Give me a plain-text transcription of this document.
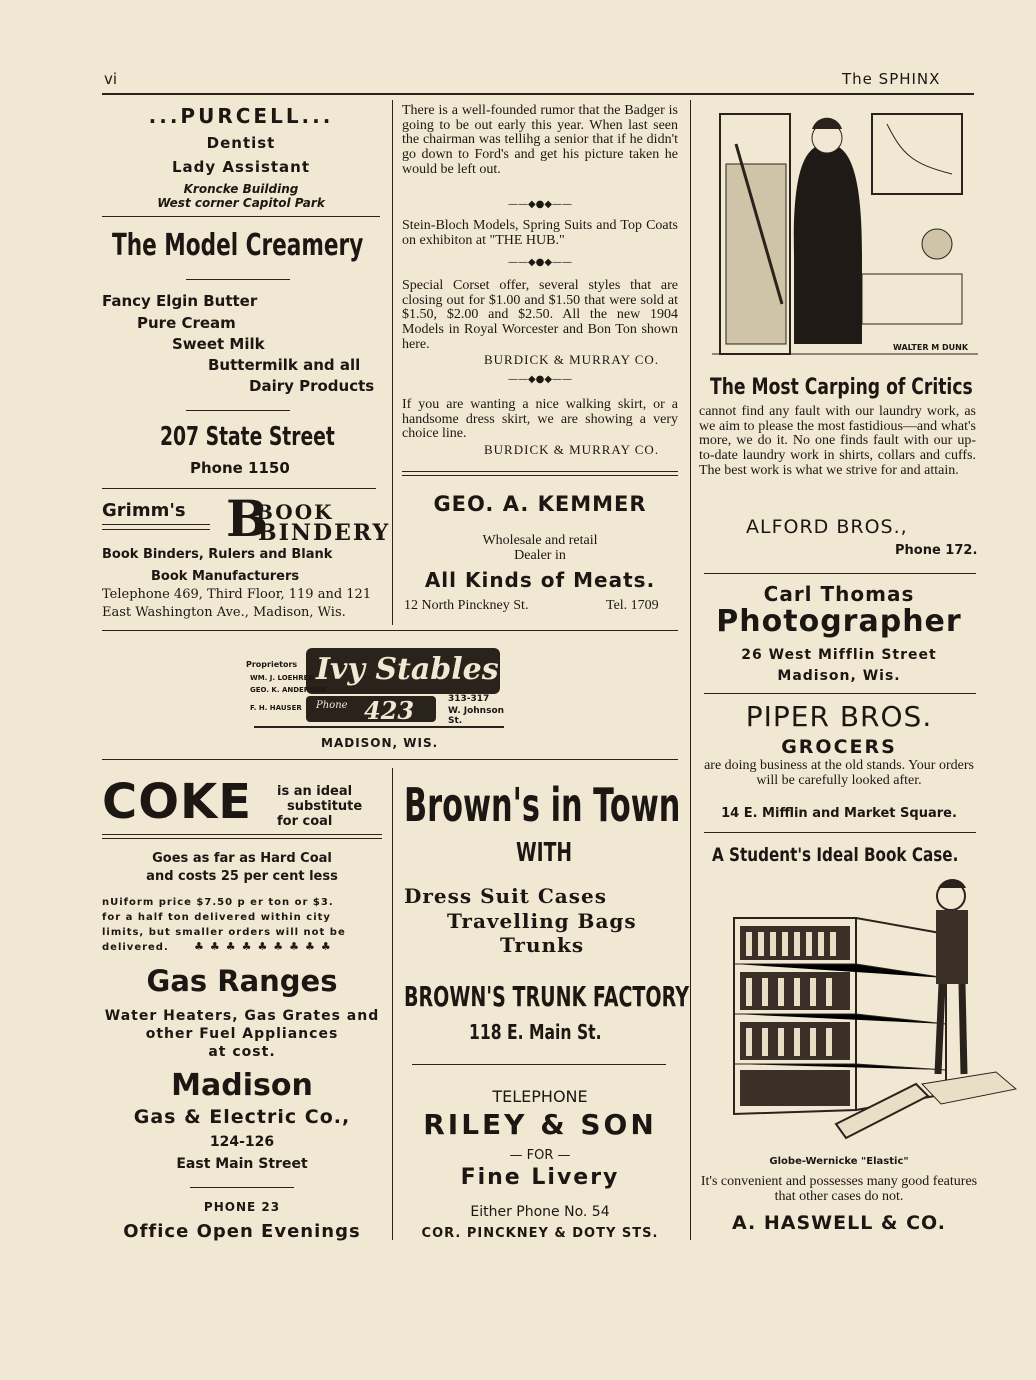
vi	The SPHINX
...PURCELL...
Dentist
Lady Assistant
Kroncke Building
West corner Capitol Park
The Model Creamery
Fancy Elgin Butter
Pure Cream
Sweet Milk
Buttermilk and all
Dairy Products
207 State Street
Phone 1150
Grimm's B
BOOK
BINDERY
Book Binders, Rulers and Blank
Book Manufacturers
Telephone 469, Third Floor, 119 and 121
East Washington Ave., Madison, Wis.
There is a well-founded rumor that the Badger is going to be out early this year. When last seen the chairman was tellihg a senior that if he didn't go down to Ford's and get his picture taken he would be left out.
——◆●◆——
Stein-Bloch Models, Spring Suits and Top Coats on exhibiton at "THE HUB."
——◆●◆——
Special Corset offer, several styles that are closing out for $1.00 and $1.50 that were sold at $1.50, $2.00 and $2.50. All the new 1904 Models in Royal Worcester and Bon Ton shown here.
BURDICK & MURRAY CO.
——◆●◆——
If you are wanting a nice walking skirt, or a handsome dress skirt, we are showing a very choice line.
BURDICK & MURRAY CO.
GEO. A. KEMMER
Wholesale and retail
Dealer in
All Kinds of Meats.
12 North Pinckney St.	Tel. 1709
WALTER M DUNK
The Most Carping of Critics
cannot find any fault with our laundry work, as we aim to please the most fastidious—and what's more, we do it. No one finds fault with our up-to-date laundry work in shirts, collars and cuffs. The best work is what we strive for and attain.
ALFORD BROS.,
Phone 172.
Carl Thomas
Photographer
26 West Mifflin Street
Madison, Wis.
PIPER BROS.
GROCERS
are doing business at the old stands. Your orders will be carefully looked after.
14 E. Mifflin and Market Square.
A Student's Ideal Book Case.
Globe-Wernicke "Elastic"
It's convenient and possesses many good features that other cases do not.
A. HASWELL & CO.
Ivy Stables
Proprietors
WM. J. LOEHRER
GEO. K. ANDERSON
F. H. HAUSER Phone 423	313-317
W. Johnson St.
MADISON, WIS.
COKE is an ideal
substitute
for coal
Goes as far as Hard Coal
and costs 25 per cent less
nUiform price $7.50 p er ton or $3.
for a half ton delivered within city
limits, but smaller orders will not be
delivered. ♣♣♣♣♣♣♣♣♣
Gas Ranges
Water Heaters, Gas Grates and
other Fuel Appliances
at cost.
Madison
Gas & Electric Co.,
124-126
East Main Street
PHONE 23
Office Open Evenings
Brown's in Town
WITH
Dress Suit Cases
Travelling Bags
Trunks
BROWN'S TRUNK FACTORY
118 E. Main St.
TELEPHONE
RILEY & SON
— FOR —
Fine Livery
Either Phone No. 54
COR. PINCKNEY & DOTY STS.
